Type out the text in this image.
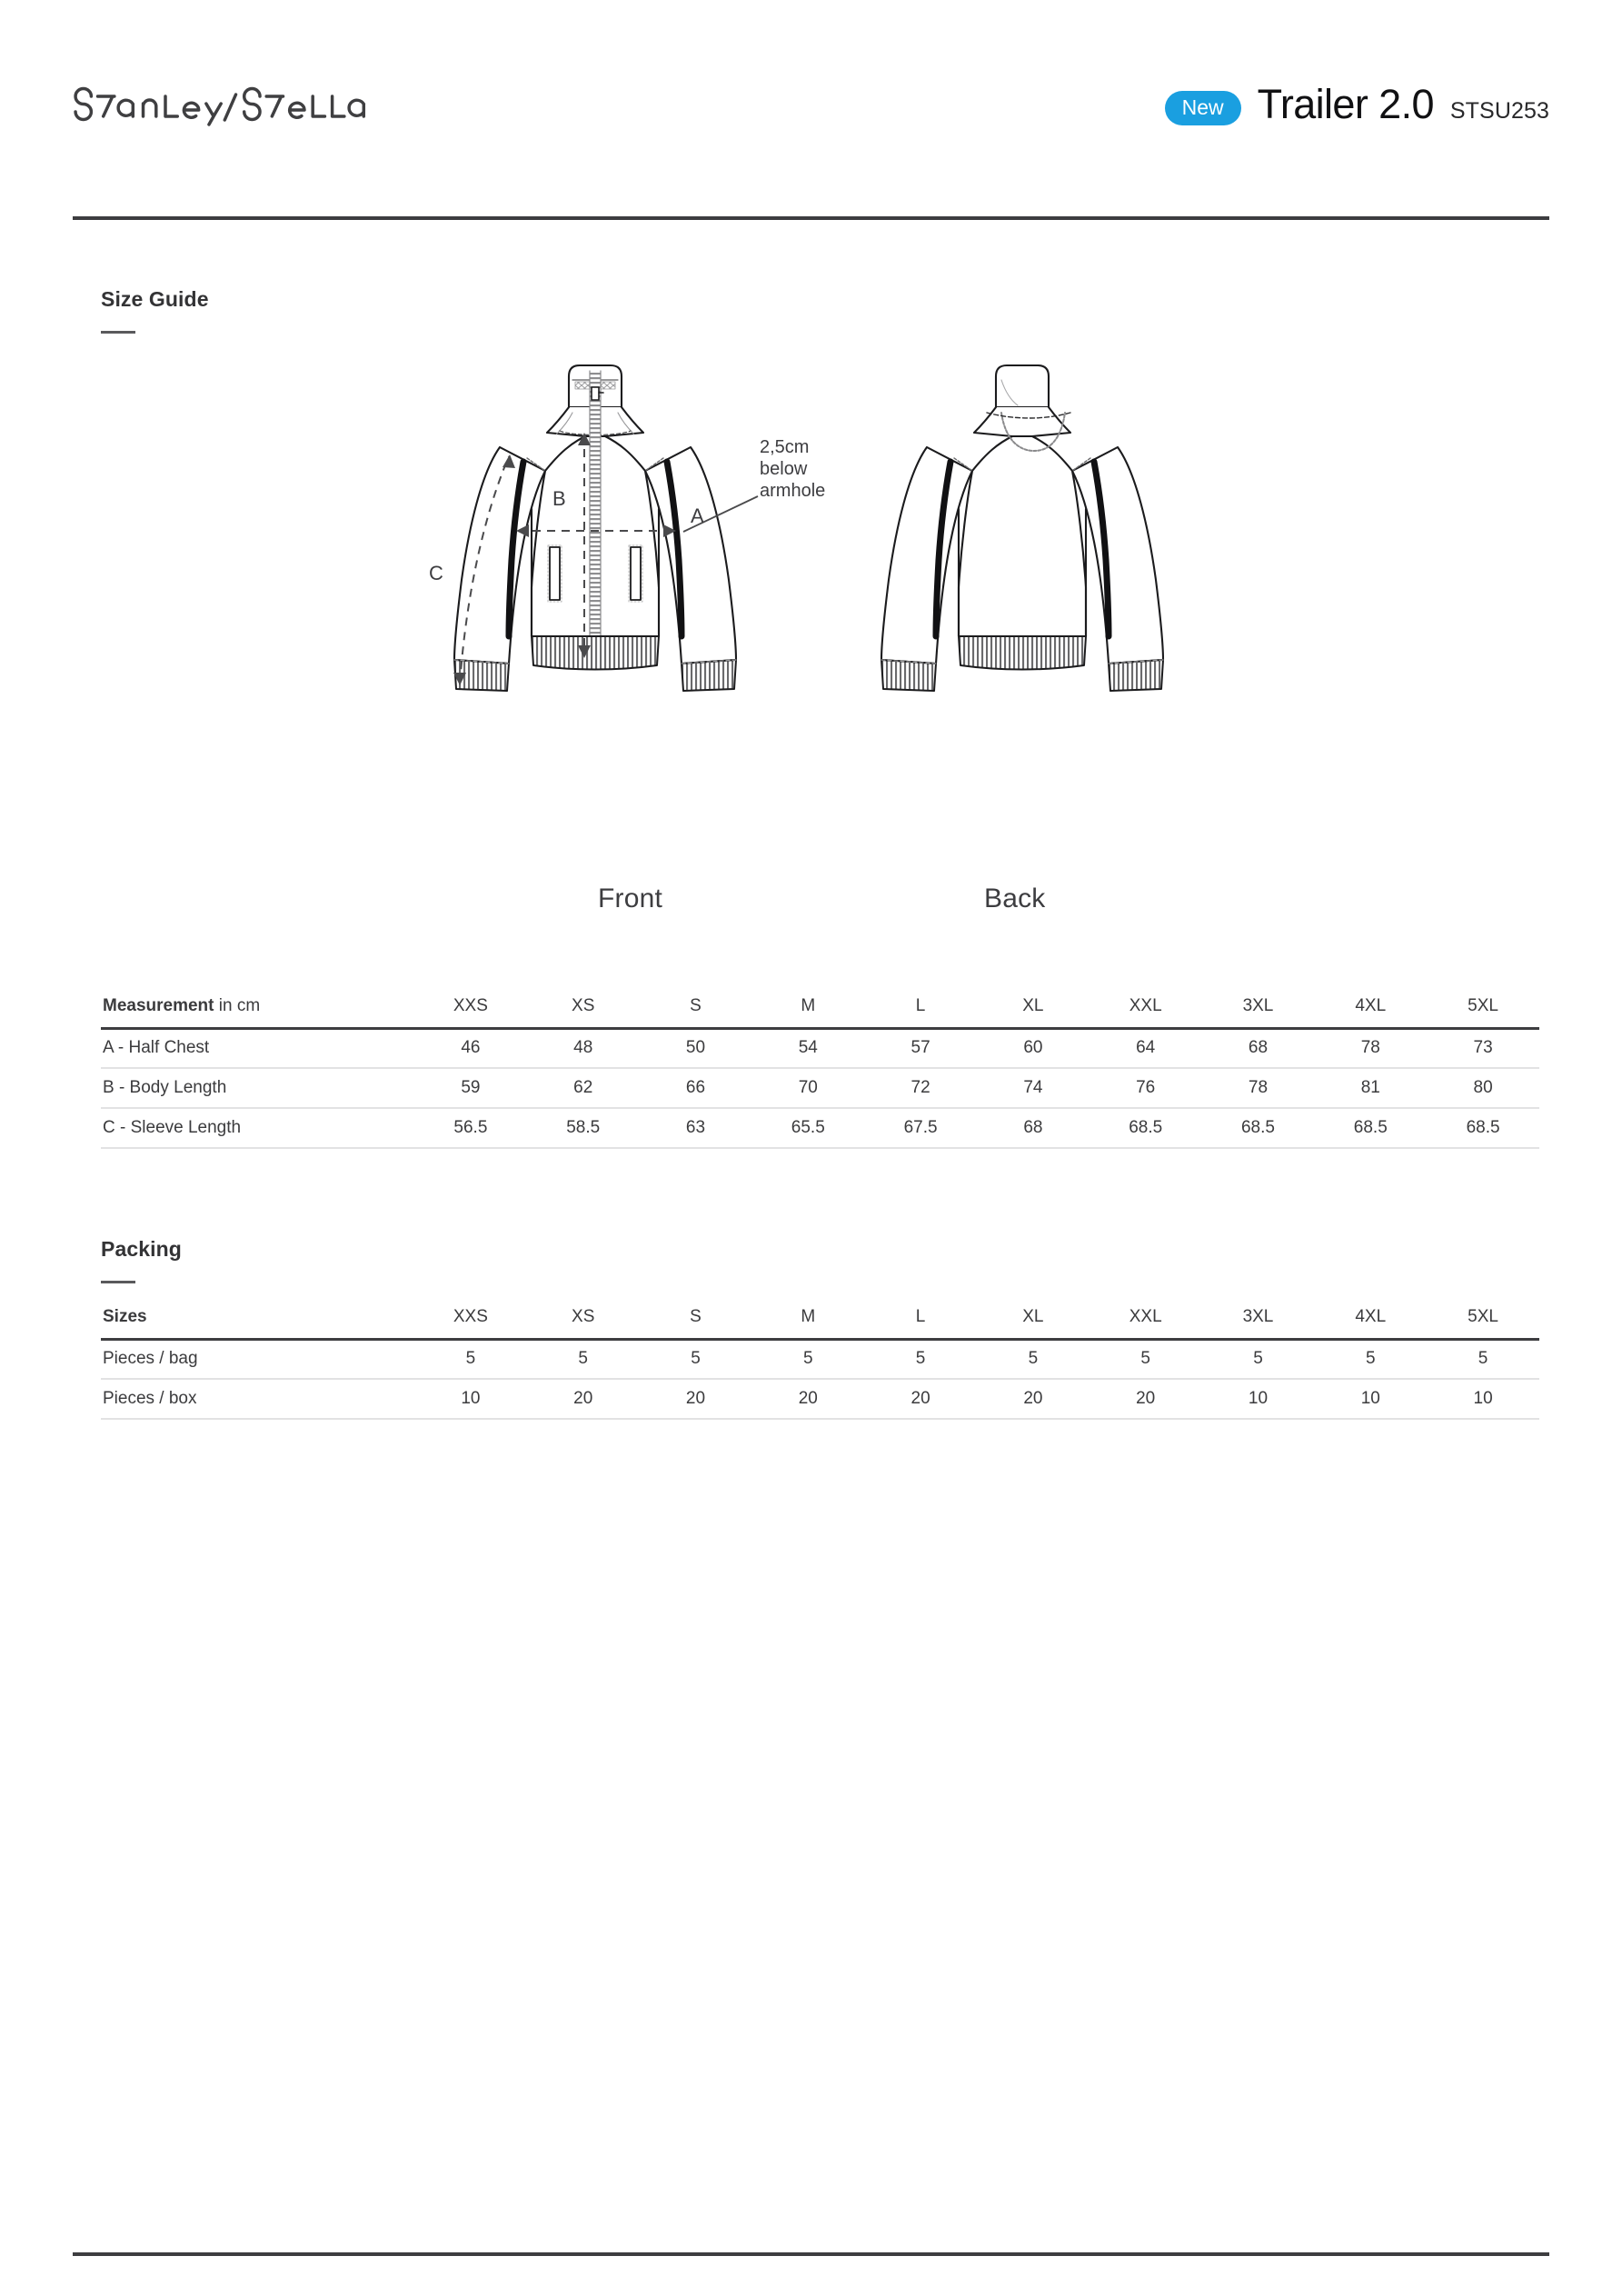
New Trailer 2.0 STSU253
Size Guide
B
A
C
2,5cm
below
armhole
Front	Back
Measurement in cm	XXS	XS	S	M	L	XL	XXL	3XL	4XL	5XL
A - Half Chest	46	48	50	54	57	60	64	68	78	73
B - Body Length	59	62	66	70	72	74	76	78	81	80
C - Sleeve Length	56.5	58.5	63	65.5	67.5	68	68.5	68.5	68.5	68.5
Packing
Sizes	XXS	XS	S	M	L	XL	XXL	3XL	4XL	5XL
Pieces / bag	5	5	5	5	5	5	5	5	5	5
Pieces / box	10	20	20	20	20	20	20	10	10	10
